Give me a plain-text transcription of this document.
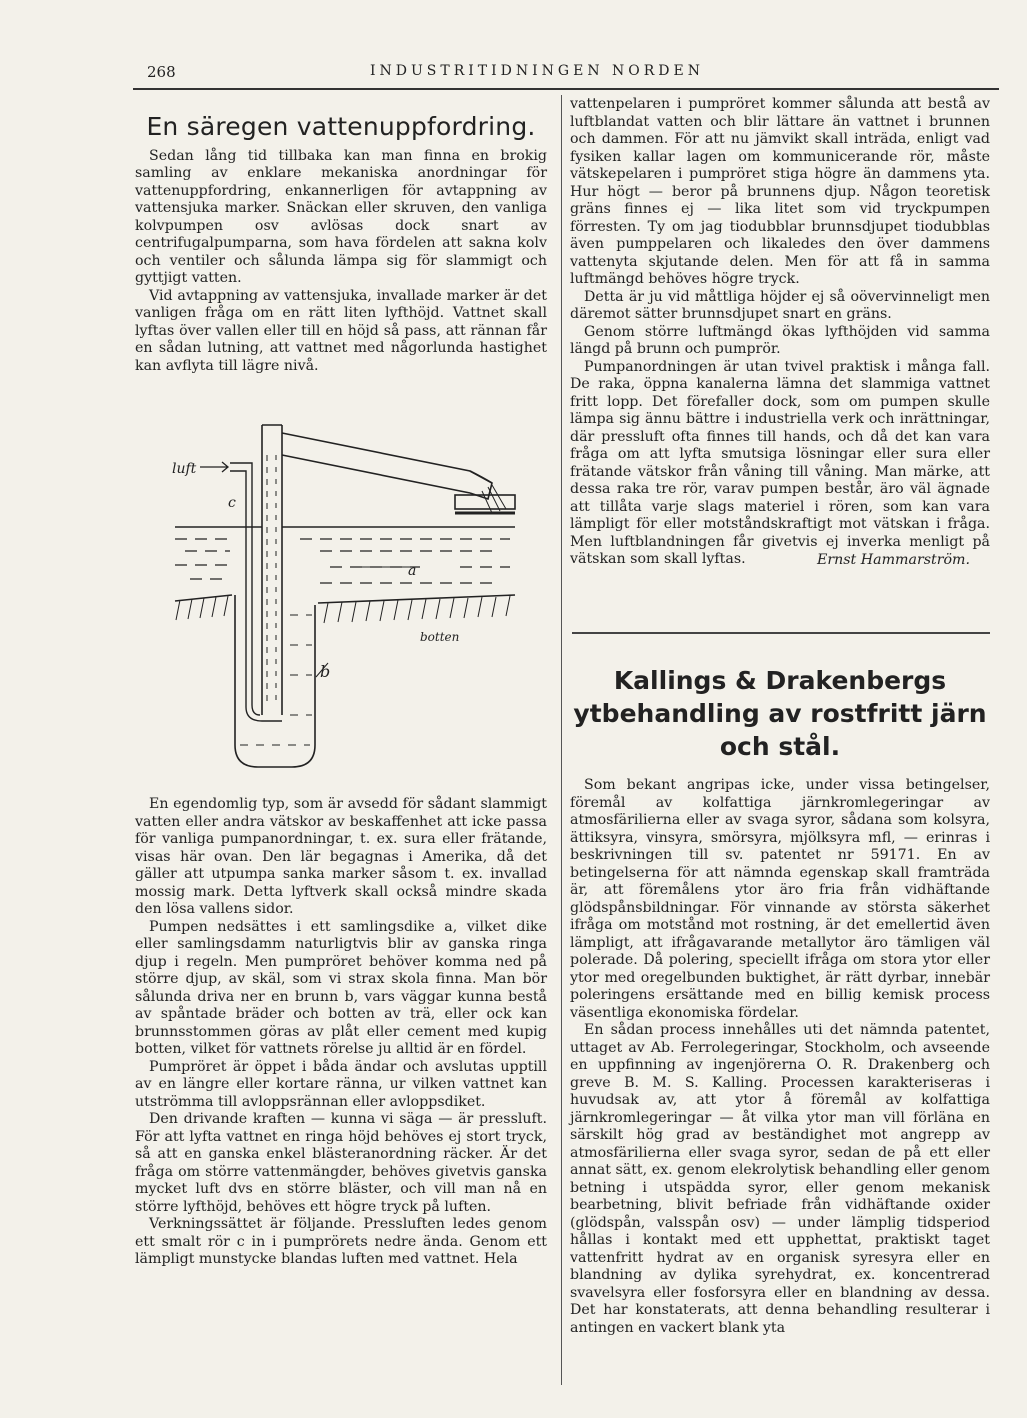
268	INDUSTRITIDNINGEN NORDEN
En säregen vattenuppfordring.

Sedan lång tid tillbaka kan man finna en brokig samling av enklare mekaniska anordningar för vattenuppfordring, enkannerligen för avtappning av vattensjuka marker. Snäckan eller skruven, den vanliga kolvpumpen osv avlösas dock snart av centrifugalpumparna, som hava fördelen att sakna kolv och ventiler och sålunda lämpa sig för slammigt och gyttjigt vatten.

Vid avtappning av vattensjuka, invallade marker är det vanligen fråga om en rätt liten lyfthöjd. Vattnet skall lyftas över vallen eller till en höjd så pass, att rännan får en sådan lutning, att vattnet med någorlunda hastighet kan avflyta till lägre nivå.

luft
c
a
b
botten

En egendomlig typ, som är avsedd för sådant slammigt vatten eller andra vätskor av beskaffenhet att icke passa för vanliga pumpanordningar, t. ex. sura eller frätande, visas här ovan. Den lär begagnas i Amerika, då det gäller att utpumpa sanka marker såsom t. ex. invallad mossig mark. Detta lyftverk skall också mindre skada den lösa vallens sidor.

Pumpen nedsättes i ett samlingsdike a, vilket dike eller samlingsdamm naturligtvis blir av ganska ringa djup i regeln. Men pumpröret behöver komma ned på större djup, av skäl, som vi strax skola finna. Man bör sålunda driva ner en brunn b, vars väggar kunna bestå av spåntade bräder och botten av trä, eller ock kan brunnsstommen göras av plåt eller cement med kupig botten, vilket för vattnets rörelse ju alltid är en fördel.

Pumpröret är öppet i båda ändar och avslutas upptill av en längre eller kortare ränna, ur vilken vattnet kan utströmma till avloppsrännan eller avloppsdiket.

Den drivande kraften — kunna vi säga — är pressluft. För att lyfta vattnet en ringa höjd behöves ej stort tryck, så att en ganska enkel blästeranordning räcker. Är det fråga om större vattenmängder, behöves givetvis ganska mycket luft dvs en större bläster, och vill man nå en större lyfthöjd, behöves ett högre tryck på luften.

Verkningssättet är följande. Pressluften ledes genom ett smalt rör c in i pumprörets nedre ända. Genom ett lämpligt munstycke blandas luften med vattnet. Hela

vattenpelaren i pumpröret kommer sålunda att bestå av luftblandat vatten och blir lättare än vattnet i brunnen och dammen. För att nu jämvikt skall inträda, enligt vad fysiken kallar lagen om kommunicerande rör, måste vätskepelaren i pumpröret stiga högre än dammens yta. Hur högt — beror på brunnens djup. Någon teoretisk gräns finnes ej — lika litet som vid tryckpumpen förresten. Ty om jag tiodubblar brunnsdjupet tiodubblas även pumppelaren och likaledes den över dammens vattenyta skjutande delen. Men för att få in samma luftmängd behöves högre tryck.

Detta är ju vid måttliga höjder ej så oövervinneligt men däremot sätter brunnsdjupet snart en gräns.

Genom större luftmängd ökas lyfthöjden vid samma längd på brunn och pumprör.

Pumpanordningen är utan tvivel praktisk i många fall. De raka, öppna kanalerna lämna det slammiga vattnet fritt lopp. Det förefaller dock, som om pumpen skulle lämpa sig ännu bättre i industriella verk och inrättningar, där pressluft ofta finnes till hands, och då det kan vara fråga om att lyfta smutsiga lösningar eller sura eller frätande vätskor från våning till våning. Man märke, att dessa raka tre rör, varav pumpen består, äro väl ägnade att tillåta varje slags materiel i rören, som kan vara lämpligt för eller motståndskraftigt mot vätskan i fråga. Men luftblandningen får givetvis ej inverka menligt på vätskan som skall lyftas.	Ernst Hammarström.
Kallings & Drakenbergs ytbehandling av rostfritt järn och stål.

Som bekant angripas icke, under vissa betingelser, föremål av kolfattiga järnkromlegeringar av atmosfärilierna eller av svaga syror, sådana som kolsyra, ättiksyra, vinsyra, smörsyra, mjölksyra mfl, — erinras i beskrivningen till sv. patentet nr 59171. En av betingelserna för att nämnda egenskap skall framträda är, att föremålens ytor äro fria från vidhäftande glödspånsbildningar. För vinnande av största säkerhet ifråga om motstånd mot rostning, är det emellertid även lämpligt, att ifrågavarande metallytor äro tämligen väl polerade. Då polering, speciellt ifråga om stora ytor eller ytor med oregelbunden buktighet, är rätt dyrbar, innebär poleringens ersättande med en billig kemisk process väsentliga ekonomiska fördelar.

En sådan process innehålles uti det nämnda patentet, uttaget av Ab. Ferrolegeringar, Stockholm, och avseende en uppfinning av ingenjörerna O. R. Drakenberg och greve B. M. S. Kalling. Processen karakteriseras i huvudsak av, att ytor å föremål av kolfattiga järnkromlegeringar — åt vilka ytor man vill förläna en särskilt hög grad av beständighet mot angrepp av atmosfärilierna eller svaga syror, sedan de på ett eller annat sätt, ex. genom elekrolytisk behandling eller genom betning i utspädda syror, eller genom mekanisk bearbetning, blivit befriade från vidhäftande oxider (glödspån, valsspån osv) — under lämplig tidsperiod hållas i kontakt med ett upphettat, praktiskt taget vattenfritt hydrat av en organisk syresyra eller en blandning av dylika syrehydrat, ex. koncentrerad svavelsyra eller fosforsyra eller en blandning av dessa. Det har konstaterats, att denna behandling resulterar i antingen en vackert blank yta
